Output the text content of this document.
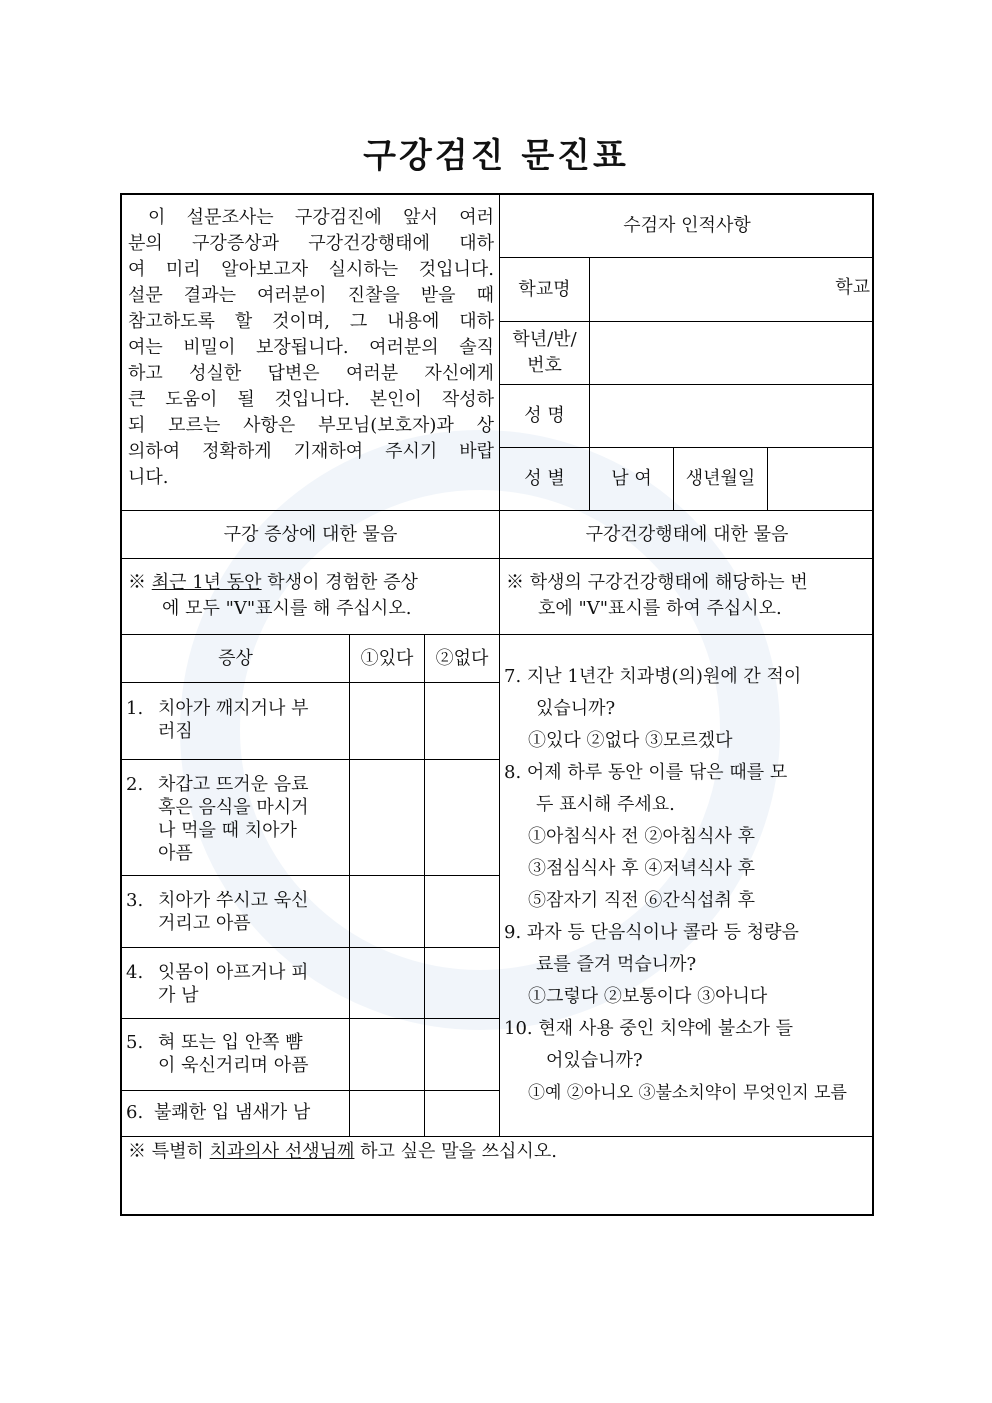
구강검진 문진표
이 설문조사는 구강검진에 앞서 여러
분의 구강증상과 구강건강행태에 대하
여 미리 알아보고자 실시하는 것입니다.
설문 결과는 여러분이 진찰을 받을 때
참고하도록 할 것이며, 그 내용에 대하
여는 비밀이 보장됩니다. 여러분의 솔직
하고 성실한 답변은 여러분 자신에게
큰 도움이 될 것입니다. 본인이 작성하
되 모르는 사항은 부모님(보호자)과 상
의하여 정확하게 기재하여 주시기 바랍
니다.
수검자 인적사항
학교명	학교
학년/반/
번호
성 명
성 별	남 여	생년월일
구강 증상에 대한 물음	구강건강행태에 대한 물음
※ 최근 1년 동안 학생이 경험한 증상
에 모두 "V"표시를 해 주십시오.
※ 학생의 구강건강행태에 해당하는 번
호에 "V"표시를 하여 주십시오.
증상	①있다	②없다
1. 치아가 깨지거나 부
러짐
2. 차갑고 뜨거운 음료
혹은 음식을 마시거
나 먹을 때 치아가
아픔
3. 치아가 쑤시고 욱신
거리고 아픔
4. 잇몸이 아프거나 피
가 남
5. 혀 또는 입 안쪽 뺨
이 욱신거리며 아픔
6. 불쾌한 입 냄새가 남
7. 지난 1년간 치과병(의)원에 간 적이
있습니까?
①있다 ②없다 ③모르겠다
8. 어제 하루 동안 이를 닦은 때를 모
두 표시해 주세요.
①아침식사 전 ②아침식사 후
③점심식사 후 ④저녁식사 후
⑤잠자기 직전 ⑥간식섭취 후
9. 과자 등 단음식이나 콜라 등 청량음
료를 즐겨 먹습니까?
①그렇다 ②보통이다 ③아니다
10. 현재 사용 중인 치약에 불소가 들
어있습니까?
①예 ②아니오 ③불소치약이 무엇인지 모름
※ 특별히 치과의사 선생님께 하고 싶은 말을 쓰십시오.
